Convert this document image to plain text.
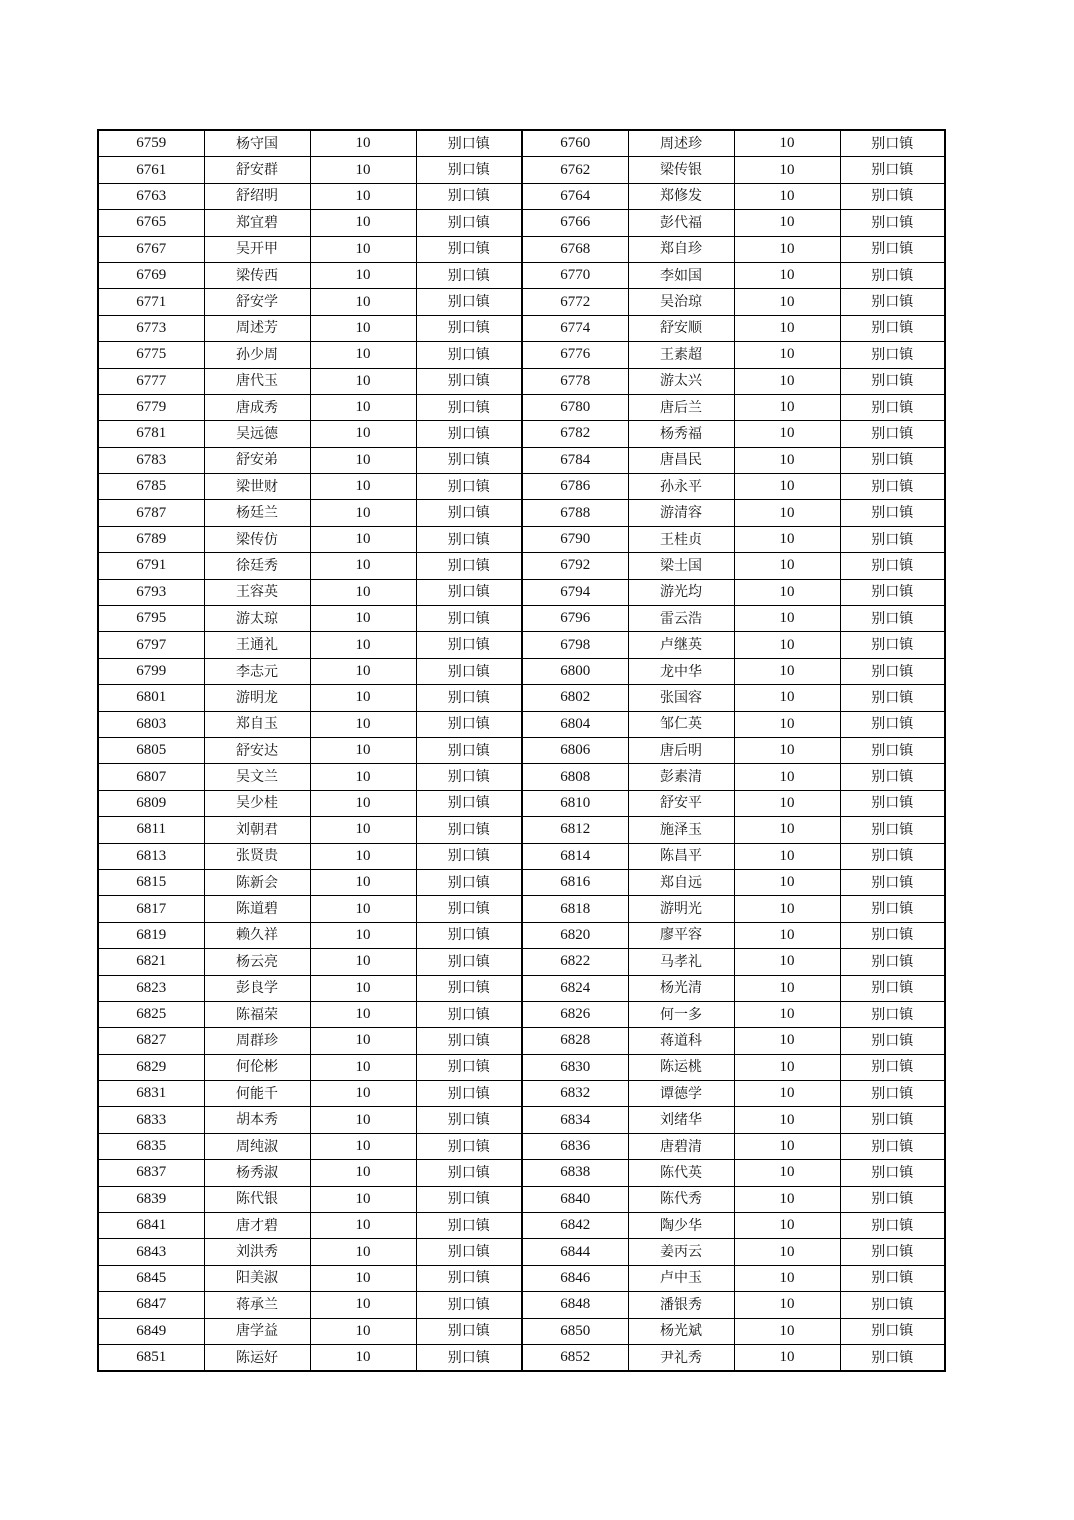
6759	杨守国	10	别口镇	6760	周述珍	10	别口镇
6761	舒安群	10	别口镇	6762	梁传银	10	别口镇
6763	舒绍明	10	别口镇	6764	郑修发	10	别口镇
6765	郑宜碧	10	别口镇	6766	彭代福	10	别口镇
6767	吴开甲	10	别口镇	6768	郑自珍	10	别口镇
6769	梁传西	10	别口镇	6770	李如国	10	别口镇
6771	舒安学	10	别口镇	6772	吴治琼	10	别口镇
6773	周述芳	10	别口镇	6774	舒安顺	10	别口镇
6775	孙少周	10	别口镇	6776	王素超	10	别口镇
6777	唐代玉	10	别口镇	6778	游太兴	10	别口镇
6779	唐成秀	10	别口镇	6780	唐后兰	10	别口镇
6781	吴远德	10	别口镇	6782	杨秀福	10	别口镇
6783	舒安弟	10	别口镇	6784	唐昌民	10	别口镇
6785	梁世财	10	别口镇	6786	孙永平	10	别口镇
6787	杨廷兰	10	别口镇	6788	游清容	10	别口镇
6789	梁传仿	10	别口镇	6790	王桂贞	10	别口镇
6791	徐廷秀	10	别口镇	6792	梁士国	10	别口镇
6793	王容英	10	别口镇	6794	游光均	10	别口镇
6795	游太琼	10	别口镇	6796	雷云浩	10	别口镇
6797	王通礼	10	别口镇	6798	卢继英	10	别口镇
6799	李志元	10	别口镇	6800	龙中华	10	别口镇
6801	游明龙	10	别口镇	6802	张国容	10	别口镇
6803	郑自玉	10	别口镇	6804	邹仁英	10	别口镇
6805	舒安达	10	别口镇	6806	唐后明	10	别口镇
6807	吴文兰	10	别口镇	6808	彭素清	10	别口镇
6809	吴少桂	10	别口镇	6810	舒安平	10	别口镇
6811	刘朝君	10	别口镇	6812	施泽玉	10	别口镇
6813	张贤贵	10	别口镇	6814	陈昌平	10	别口镇
6815	陈新会	10	别口镇	6816	郑自远	10	别口镇
6817	陈道碧	10	别口镇	6818	游明光	10	别口镇
6819	赖久祥	10	别口镇	6820	廖平容	10	别口镇
6821	杨云亮	10	别口镇	6822	马孝礼	10	别口镇
6823	彭良学	10	别口镇	6824	杨光清	10	别口镇
6825	陈福荣	10	别口镇	6826	何一多	10	别口镇
6827	周群珍	10	别口镇	6828	蒋道科	10	别口镇
6829	何伦彬	10	别口镇	6830	陈运桃	10	别口镇
6831	何能千	10	别口镇	6832	谭德学	10	别口镇
6833	胡本秀	10	别口镇	6834	刘绪华	10	别口镇
6835	周纯淑	10	别口镇	6836	唐碧清	10	别口镇
6837	杨秀淑	10	别口镇	6838	陈代英	10	别口镇
6839	陈代银	10	别口镇	6840	陈代秀	10	别口镇
6841	唐才碧	10	别口镇	6842	陶少华	10	别口镇
6843	刘洪秀	10	别口镇	6844	姜丙云	10	别口镇
6845	阳美淑	10	别口镇	6846	卢中玉	10	别口镇
6847	蒋承兰	10	别口镇	6848	潘银秀	10	别口镇
6849	唐学益	10	别口镇	6850	杨光斌	10	别口镇
6851	陈运好	10	别口镇	6852	尹礼秀	10	别口镇
